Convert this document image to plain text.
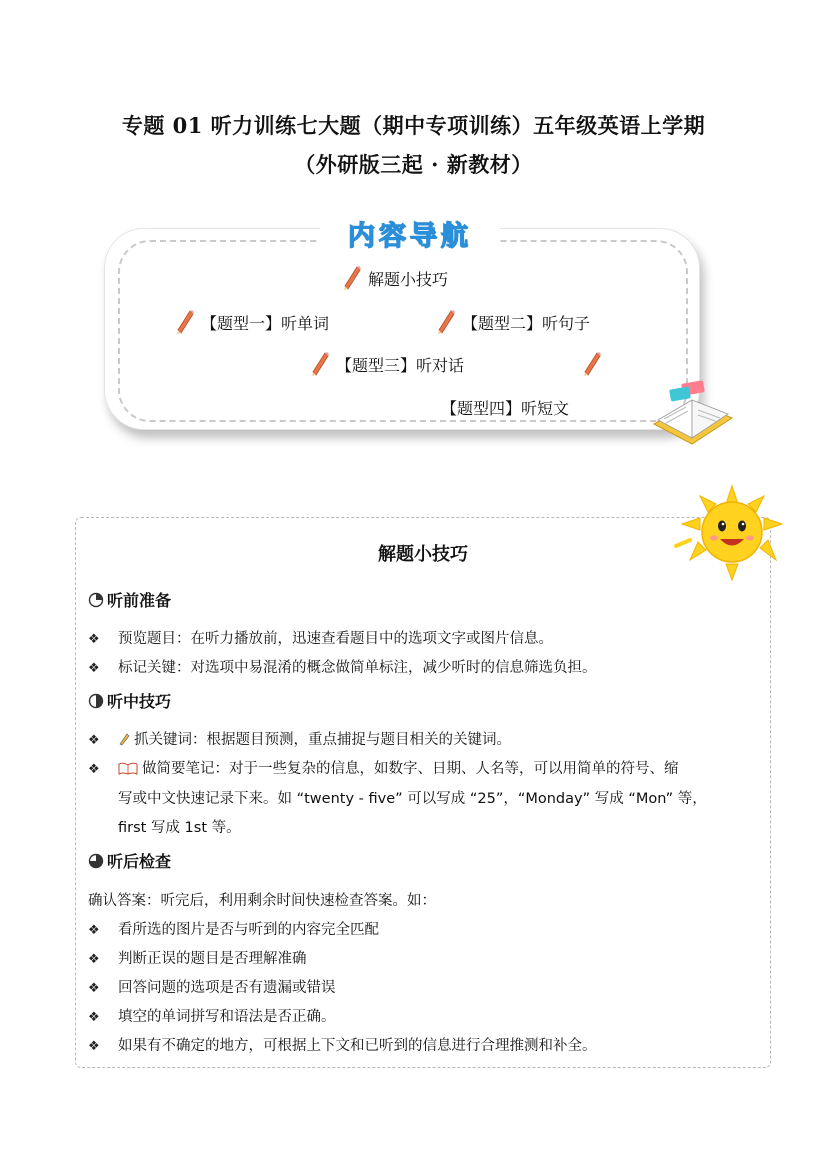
专题 01 听力训练七大题（期中专项训练）五年级英语上学期
（外研版三起 · 新教材）
内容导航
解题小技巧
【题型一】听单词	【题型二】听句子
【题型三】听对话
【题型四】听短文
解题小技巧
听前准备
❖ 预览题目：在听力播放前，迅速查看题目中的选项文字或图片信息。
❖ 标记关键：对选项中易混淆的概念做简单标注，减少听时的信息筛选负担。
听中技巧
❖ 抓关键词：根据题目预测，重点捕捉与题目相关的关键词。
❖	做简要笔记：对于一些复杂的信息，如数字、日期、人名等，可以用简单的符号、缩
写或中文快速记录下来。如 “twenty - five” 可以写成 “25”，“Monday” 写成 “Mon” 等，
first 写成 1st 等。
听后检查
确认答案：听完后，利用剩余时间快速检查答案。如：
❖ 看所选的图片是否与听到的内容完全匹配
❖ 判断正误的题目是否理解准确
❖ 回答问题的选项是否有遗漏或错误
❖ 填空的单词拼写和语法是否正确。
❖ 如果有不确定的地方，可根据上下文和已听到的信息进行合理推测和补全。
